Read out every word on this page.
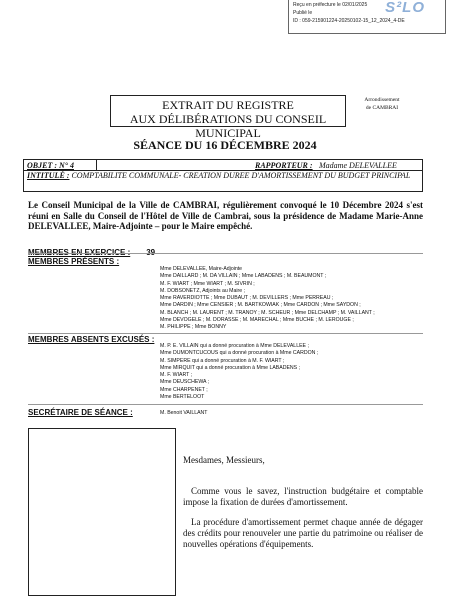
Reçu en préfecture le 02/01/2025
Publié le
ID : 059-215901224-20250102-15_12_2024_4-DE
S²LO
Arrondissement
de CAMBRAI
EXTRAIT DU REGISTRE
AUX DÉLIBÉRATIONS DU CONSEIL MUNICIPAL
SÉANCE DU 16 DÉCEMBRE 2024
OBJET : N° 4	RAPPORTEUR : Madame DELEVALLEE
INTITULÉ : COMPTABILITE COMMUNALE- CREATION DUREE D'AMORTISSEMENT DU BUDGET PRINCIPAL
Le Conseil Municipal de la Ville de CAMBRAI, régulièrement convoqué le 10 Décembre 2024 s'est réuni en Salle du Conseil de l'Hôtel de Ville de Cambrai, sous la présidence de Madame Marie-Anne DELEVALLEE, Maire-Adjointe – pour le Maire empêché.
MEMBRES PRÉSENTS :
Mme DELEVALLEE, Maire-Adjointe
Mme DAILLARD ; M. DA VILLAIN ; Mme LABADENS ; M. BEAUMONT ;
M. F. WIART ; Mme WIART ; M. SIVRIN ;
M. DOBSONETZ, Adjoints au Maire ;
Mme RAVERDIOTTE ; Mme DUBAUT ; M. DEVILLERS ; Mme PERREAU ;
Mme DARDIN ; Mme CENSIER ; M. BARTKOWIAK ; Mme CARDON ; Mme SAYDON ;
M. BLANCH ; M. LAURENT ; M. TRANOY ; M. SCHEUR ; Mme DELCHAMP ; M. VAILLANT ;
Mme DEVOGELE ; M. DORASSE ; M. MARECHAL ; Mme BUCHE ; M. LEROUGE ;
M. PHILIPPE ; Mme BONNY
MEMBRES ABSENTS EXCUSÉS :
M. P. E. VILLAIN qui a donné procuration à Mme DELEVALLEE ;
Mme DUMONTCUCOUS qui a donné procuration à Mme CARDON ;
M. SIMPERE qui a donné procuration à M. F. WIART ;
Mme MIRQUIT qui a donné procuration à Mme LABADENS ;
M. F. WIART ;
Mme DEUSCHEWA ;
Mme CHARPENET ;
Mme BERTELOOT
SECRÉTAIRE DE SÉANCE :	M. Benoit VAILLANT

Mesdames, Messieurs,

Comme vous le savez, l'instruction budgétaire et comptable impose la fixation de durées d'amortissement.

La procédure d'amortissement permet chaque année de dégager des crédits pour renouveler une partie du patrimoine ou réaliser de nouvelles opérations d'équipements.
